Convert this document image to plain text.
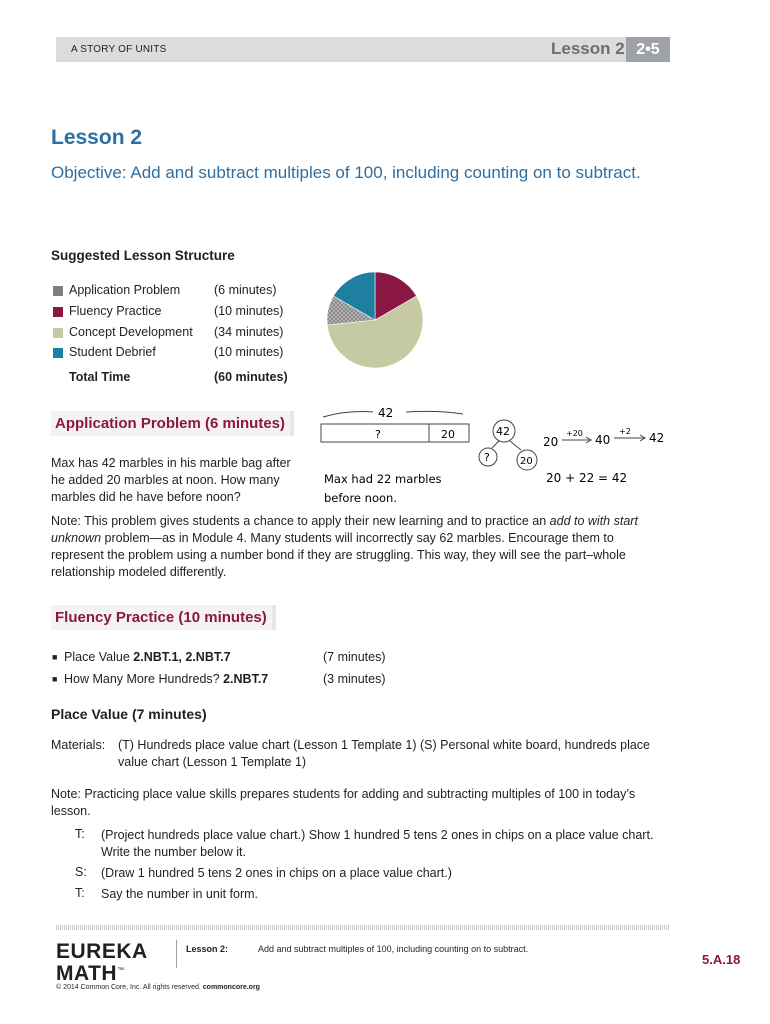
A STORY OF UNITS	Lesson 2 2•5
Lesson 2
Objective: Add and subtract multiples of 100, including counting on to subtract.
Suggested Lesson Structure
Application Problem	(6 minutes)
Fluency Practice	(10 minutes)
Concept Development (34 minutes)
Student Debrief	(10 minutes)
Total Time	(60 minutes)
Application Problem (6 minutes)
Max has 42 marbles in his marble bag after
he added 20 marbles at noon. How many
marbles did he have before noon?
42
?	20	42
?	20
20
+20 40
+2 42
20 + 22 = 42
Max had 22 marbles
before noon.
Note: This problem gives students a chance to apply their new learning and to practice an add to with start
unknown problem—as in Module 4. Many students will incorrectly say 62 marbles. Encourage them to
represent the problem using a number bond if they are struggling. This way, they will see the part–whole
relationship modeled differently.
Fluency Practice (10 minutes)
■ Place Value 2.NBT.1, 2.NBT.7	(7 minutes)
■ How Many More Hundreds? 2.NBT.7	(3 minutes)
Place Value (7 minutes)
Materials: (T) Hundreds place value chart (Lesson 1 Template 1) (S) Personal white board, hundreds place
value chart (Lesson 1 Template 1)
Note: Practicing place value skills prepares students for adding and subtracting multiples of 100 in today’s
lesson.
T: (Project hundreds place value chart.) Show 1 hundred 5 tens 2 ones in chips on a place value chart.
Write the number below it.
S: (Draw 1 hundred 5 tens 2 ones in chips on a place value chart.)
T: Say the number in unit form.
EUREKA
MATH™
© 2014 Common Core, Inc. All rights reserved. commoncore.org
Lesson 2:	Add and subtract multiples of 100, including counting on to subtract.
5.A.18
